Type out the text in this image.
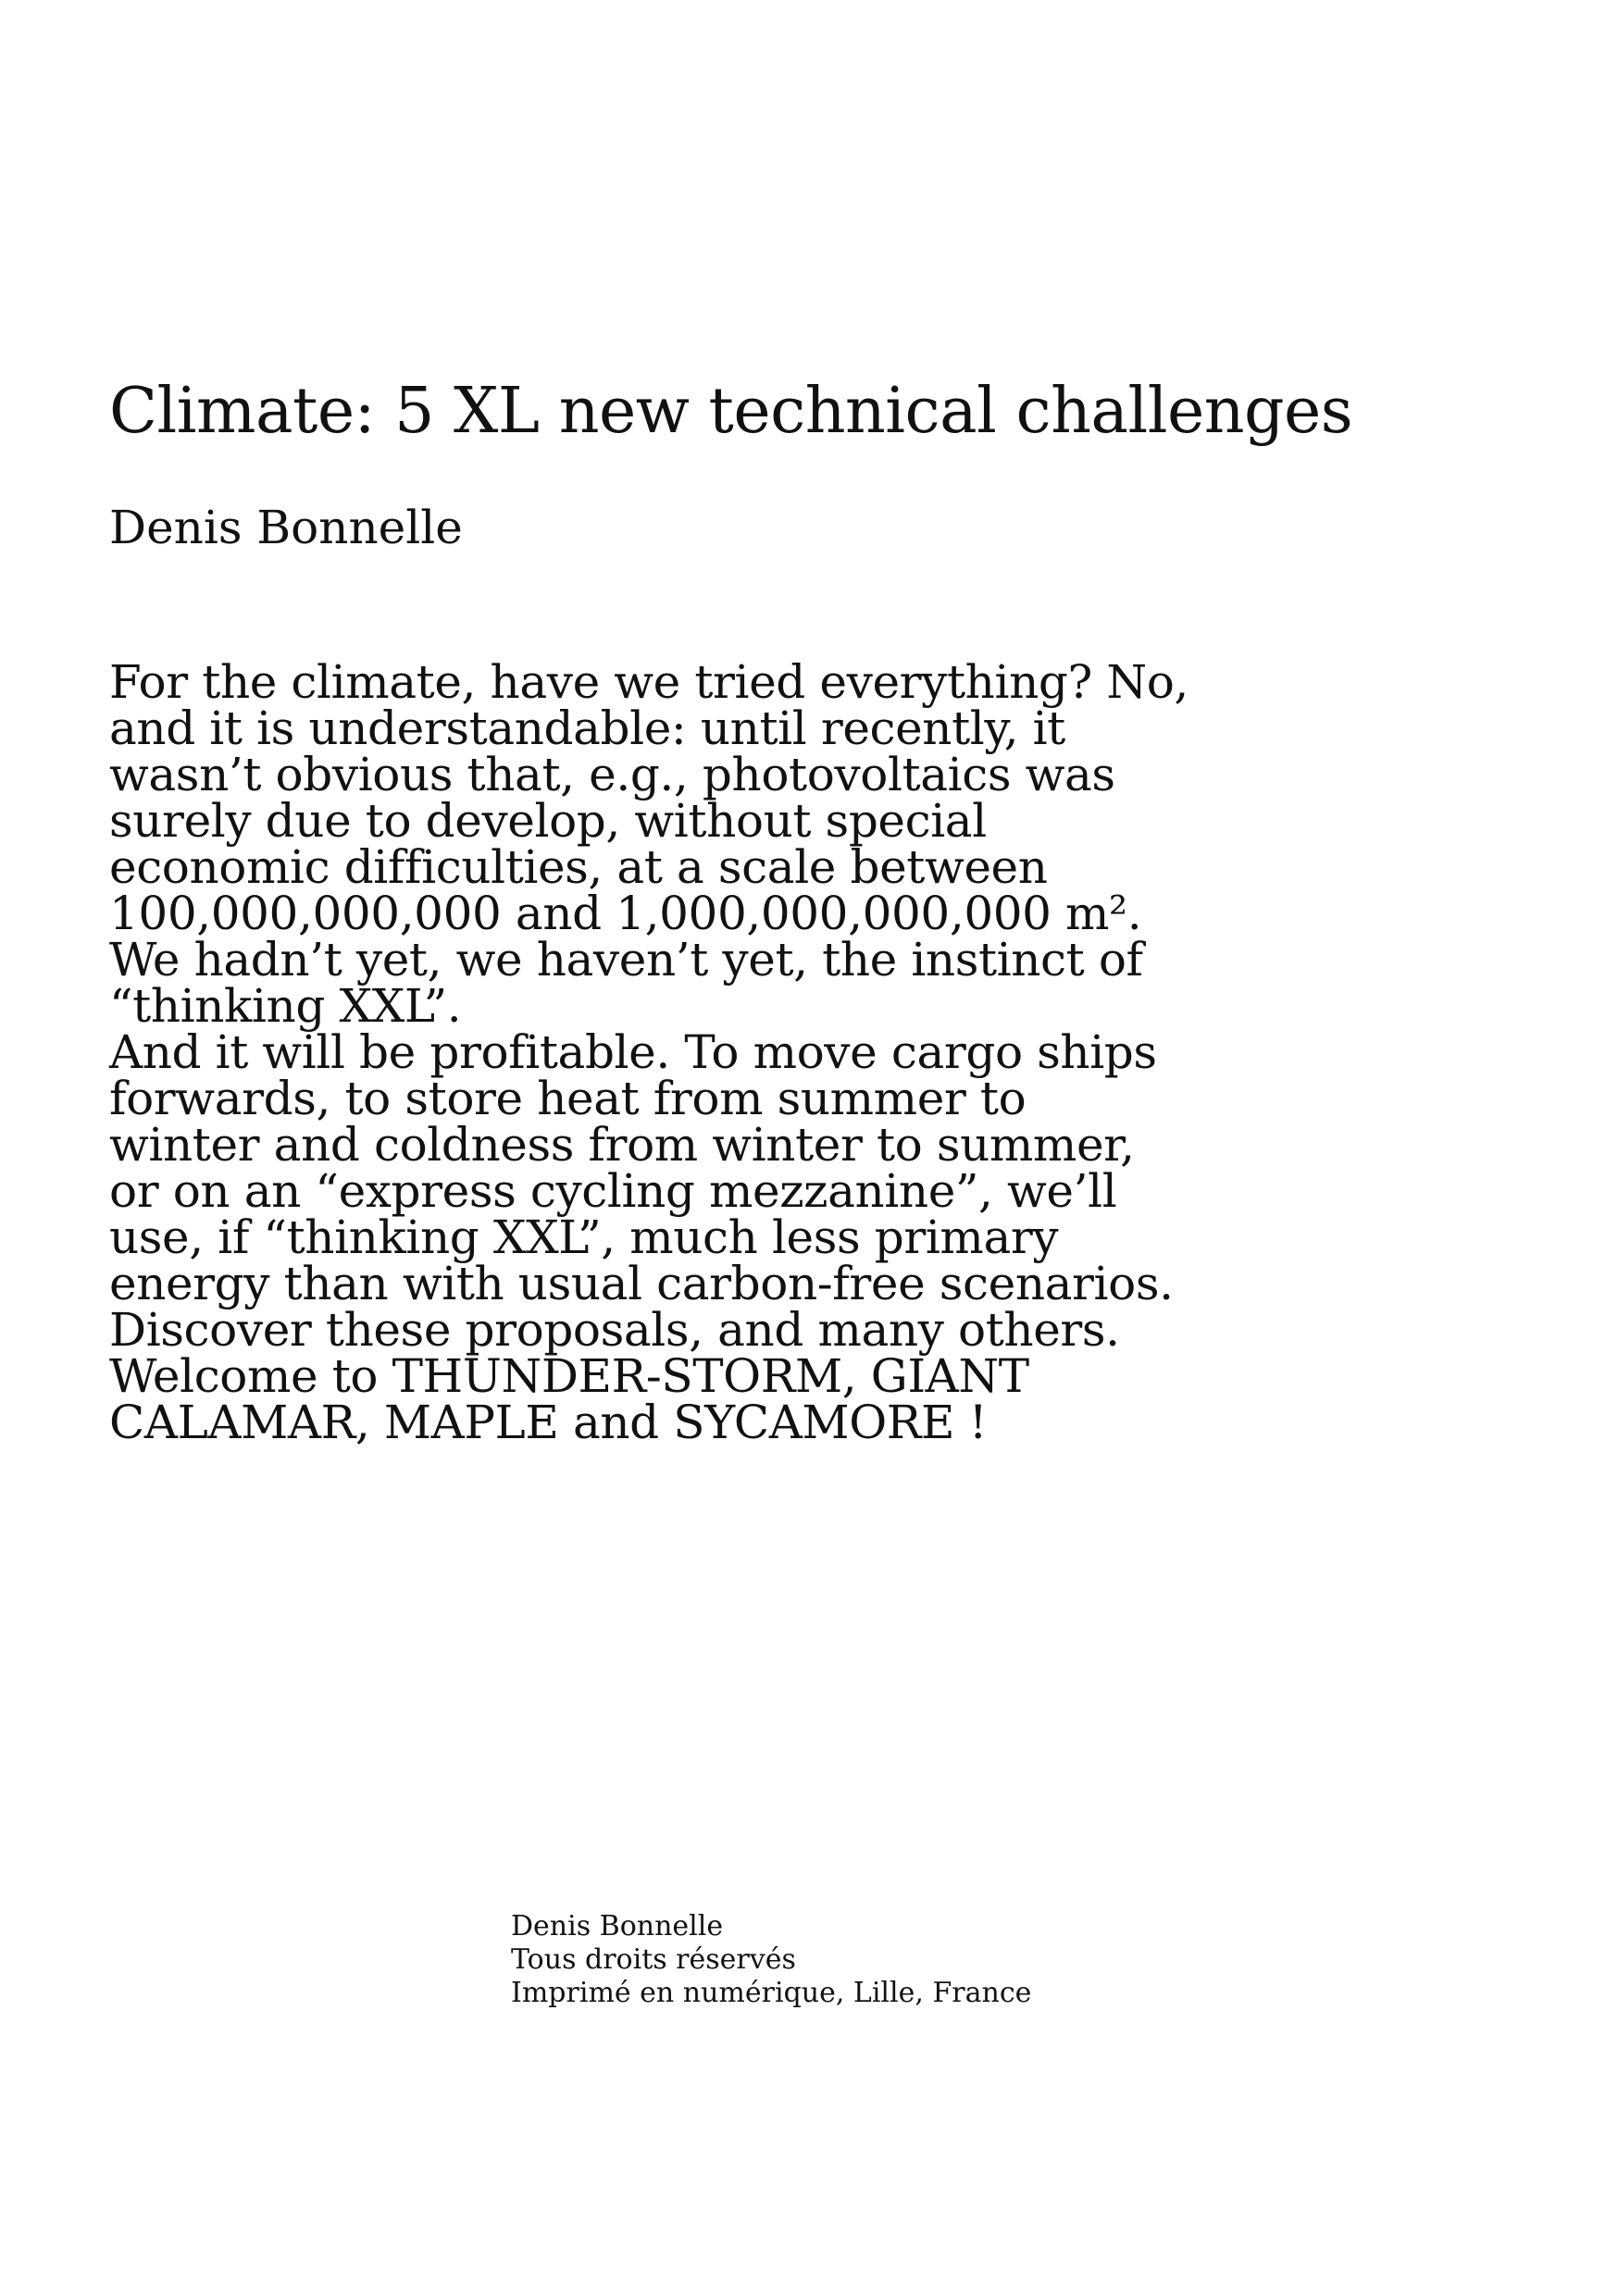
Climate: 5 XL new technical challenges

Denis Bonnelle

For the climate, have we tried everything? No,
and it is understandable: until recently, it
wasn’t obvious that, e.g., photovoltaics was
surely due to develop, without special
economic difficulties, at a scale between
100,000,000,000 and 1,000,000,000,000 m².
We hadn’t yet, we haven’t yet, the instinct of
“thinking XXL”.
And it will be profitable. To move cargo ships
forwards, to store heat from summer to
winter and coldness from winter to summer,
or on an “express cycling mezzanine”, we’ll
use, if “thinking XXL”, much less primary
energy than with usual carbon-free scenarios.
Discover these proposals, and many others.
Welcome to THUNDER-STORM, GIANT
CALAMAR, MAPLE and SYCAMORE !
Denis Bonnelle
Tous droits réservés
Imprimé en numérique, Lille, France
